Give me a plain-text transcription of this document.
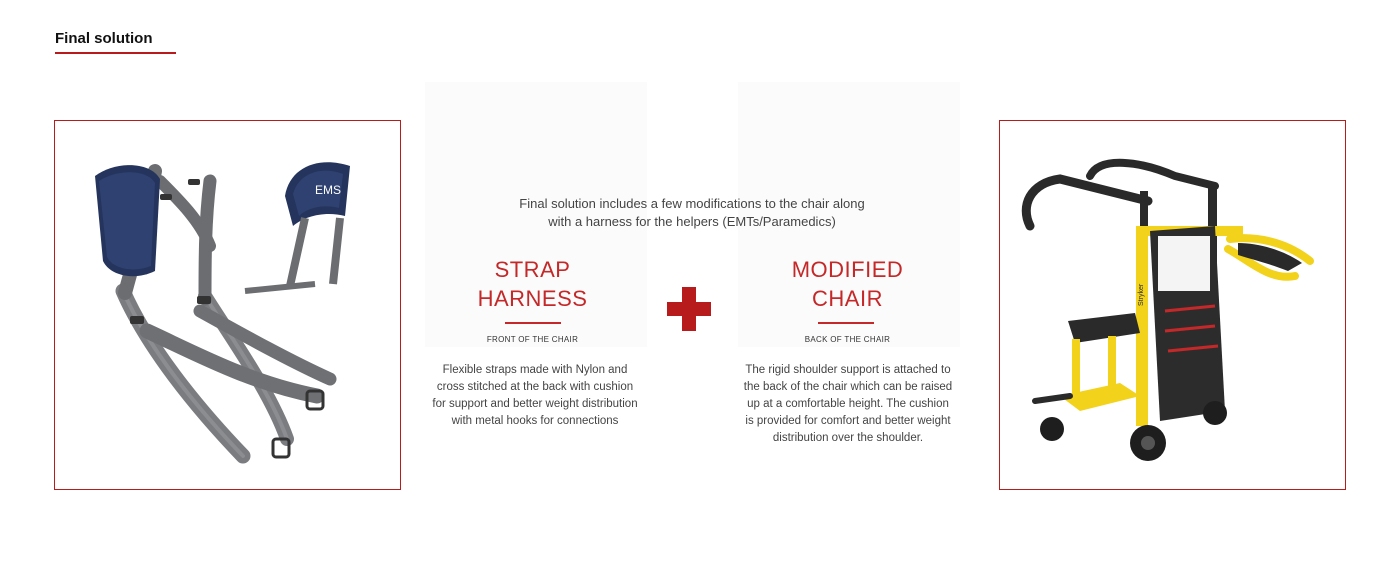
Final solution
EMS
Final solution includes a few modifications to the chair along
with a harness for the helpers (EMTs/Paramedics)
STRAP
HARNESS
FRONT OF THE CHAIR
Flexible straps made with Nylon and
cross stitched at the back with cushion
for support and better weight distribution
with metal hooks for connections
MODIFIED
CHAIR
BACK OF THE CHAIR
The rigid shoulder support is attached to
the back of the chair which can be raised
up at a comfortable height. The cushion
is provided for comfort and better weight
distribution over the shoulder.
Stryker
